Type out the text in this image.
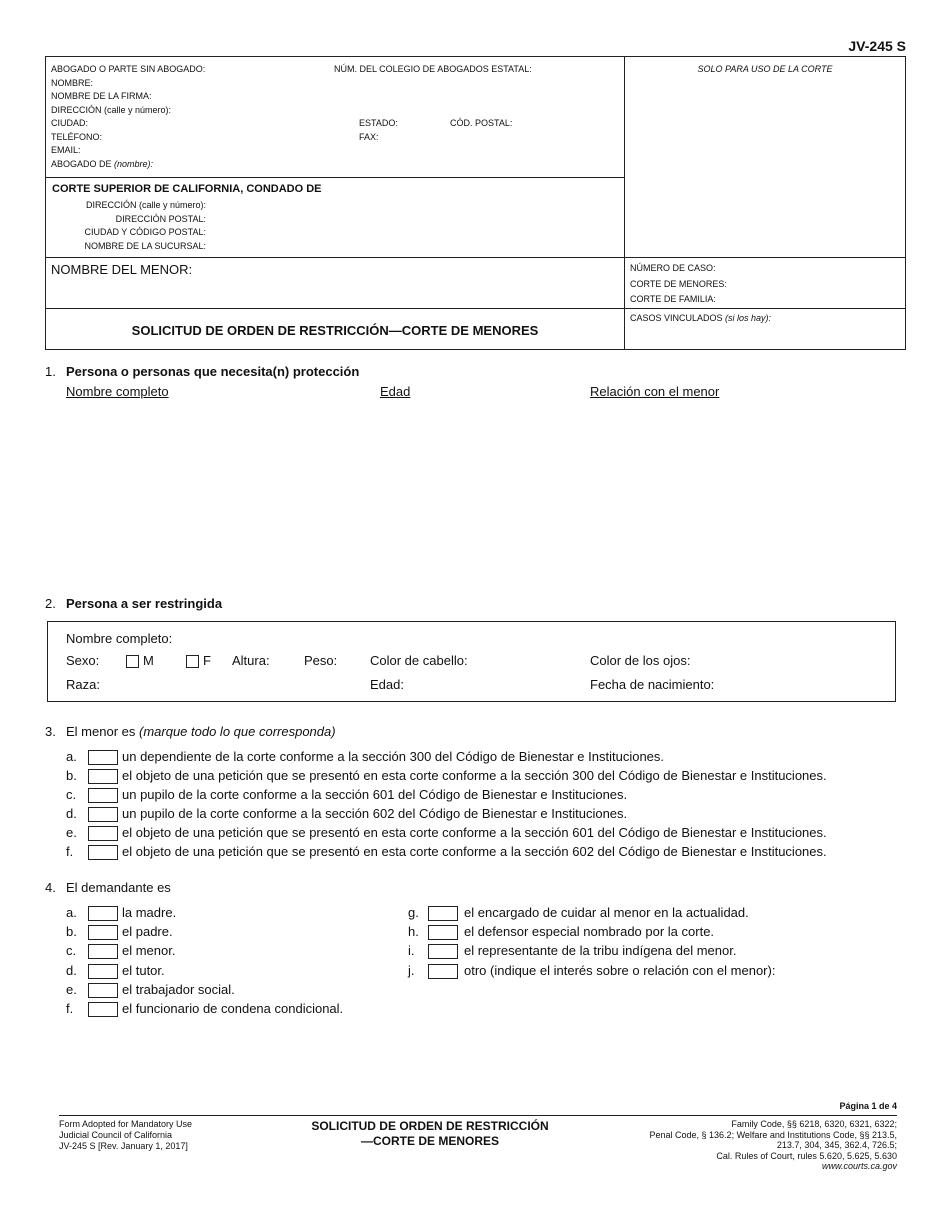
JV-245 S
ABOGADO O PARTE SIN ABOGADO:
NOMBRE:
NOMBRE DE LA FIRMA:
DIRECCIÓN (calle y número):
CIUDAD:
TELÉFONO:
EMAIL:
ABOGADO DE (nombre):
NÚM. DEL COLEGIO DE ABOGADOS ESTATAL:
ESTADO:	CÓD. POSTAL:
FAX:
SOLO PARA USO DE LA CORTE
CORTE SUPERIOR DE CALIFORNIA, CONDADO DE
DIRECCIÓN (calle y número):
DIRECCIÓN POSTAL:
CIUDAD Y CÓDIGO POSTAL:
NOMBRE DE LA SUCURSAL:
NOMBRE DEL MENOR:	NÚMERO DE CASO:
CORTE DE MENORES:
CORTE DE FAMILIA:
SOLICITUD DE ORDEN DE RESTRICCIÓN—CORTE DE MENORES
CASOS VINCULADOS (si los hay):
1. Persona o personas que necesita(n) protección
Nombre completo	Edad	Relación con el menor
2. Persona a ser restringida
Nombre completo:
Sexo:	M	F Altura:	Peso:	Color de cabello:	Color de los ojos:
Raza:	Edad:	Fecha de nacimiento:
3. El menor es (marque todo lo que corresponda)
a.	un dependiente de la corte conforme a la sección 300 del Código de Bienestar e Instituciones.
b.	el objeto de una petición que se presentó en esta corte conforme a la sección 300 del Código de Bienestar e Instituciones.
c.	un pupilo de la corte conforme a la sección 601 del Código de Bienestar e Instituciones.
d.	un pupilo de la corte conforme a la sección 602 del Código de Bienestar e Instituciones.
e.	el objeto de una petición que se presentó en esta corte conforme a la sección 601 del Código de Bienestar e Instituciones.
f.	el objeto de una petición que se presentó en esta corte conforme a la sección 602 del Código de Bienestar e Instituciones.
4. El demandante es
a.	la madre.
b.	el padre.
c.	el menor.
d.	el tutor.
e.	el trabajador social.
f.	el funcionario de condena condicional.
g.	el encargado de cuidar al menor en la actualidad.
h.	el defensor especial nombrado por la corte.
i.	el representante de la tribu indígena del menor.
j.	otro (indique el interés sobre o relación con el menor):
Página 1 de 4
Form Adopted for Mandatory Use
Judicial Council of California
JV-245 S [Rev. January 1, 2017]
SOLICITUD DE ORDEN DE RESTRICCIÓN
—CORTE DE MENORES
Family Code, §§ 6218, 6320, 6321, 6322;
Penal Code, § 136.2; Welfare and Institutions Code, §§ 213.5,
213.7, 304, 345, 362.4, 726.5;
Cal. Rules of Court, rules 5.620, 5.625, 5.630
www.courts.ca.gov
